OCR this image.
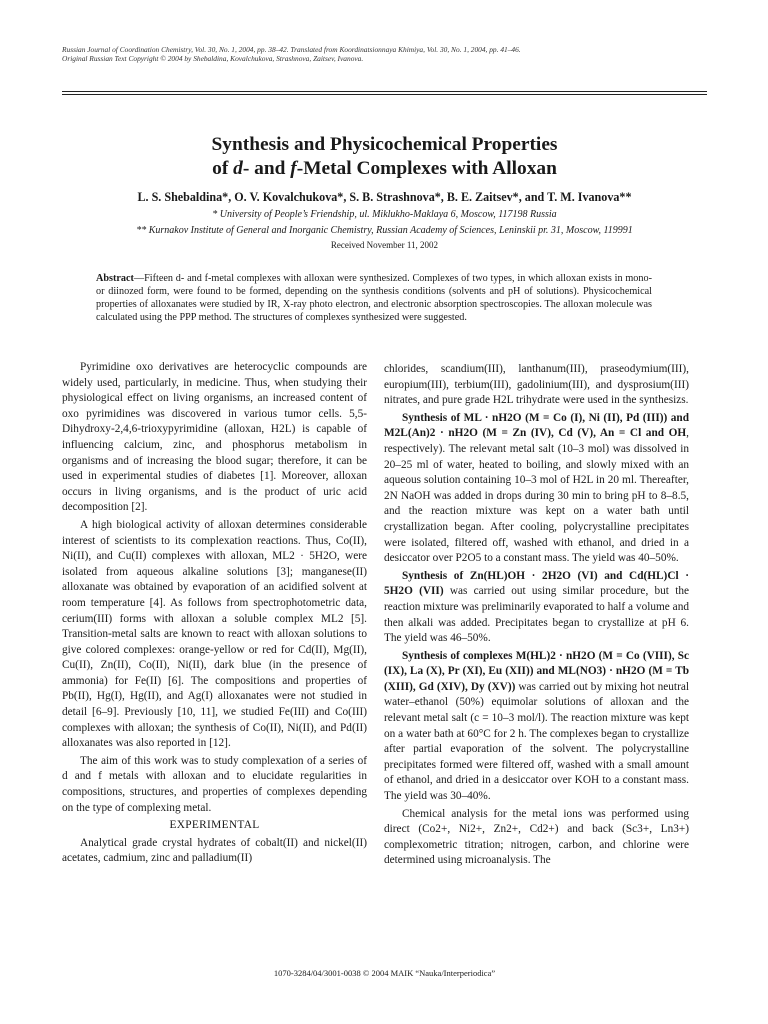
Russian Journal of Coordination Chemistry, Vol. 30, No. 1, 2004, pp. 38–42. Translated from Koordinatsionnaya Khimiya, Vol. 30, No. 1, 2004, pp. 41–46.
Original Russian Text Copyright © 2004 by Shebaldina, Kovalchukova, Strashnova, Zaitsev, Ivanova.
Synthesis and Physicochemical Properties
of d- and f-Metal Complexes with Alloxan
L. S. Shebaldina*, O. V. Kovalchukova*, S. B. Strashnova*, B. E. Zaitsev*, and T. M. Ivanova**
* University of People’s Friendship, ul. Miklukho-Maklaya 6, Moscow, 117198 Russia
** Kurnakov Institute of General and Inorganic Chemistry, Russian Academy of Sciences, Leninskii pr. 31, Moscow, 119991
Received November 11, 2002
Abstract—Fifteen d- and f-metal complexes with alloxan were synthesized. Complexes of two types, in which alloxan exists in mono- or diinozed form, were found to be formed, depending on the synthesis conditions (solvents and pH of solutions). Physicochemical properties of alloxanates were studied by IR, X-ray photo electron, and electronic absorption spectroscopies. The alloxan molecule was calculated using the PPP method. The structures of complexes synthesized were suggested.

Pyrimidine oxo derivatives are heterocyclic compounds are widely used, particularly, in medicine. Thus, when studying their physiological effect on living organisms, an increased content of oxo pyrimidines was discovered in various tumor cells. 5,5-Dihydroxy-2,4,6-trioxypyrimidine (alloxan, H2L) is capable of influencing calcium, zinc, and phosphorus metabolism in organisms and of increasing the blood sugar; therefore, it can be used in experimental studies of diabetes [1]. Moreover, alloxan occurs in living organisms, and is the product of uric acid decomposition [2].

A high biological activity of alloxan determines considerable interest of scientists to its complexation reactions. Thus, Co(II), Ni(II), and Cu(II) complexes with alloxan, ML2 · 5H2O, were isolated from aqueous alkaline solutions [3]; manganese(II) alloxanate was obtained by evaporation of an acidified solvent at room temperature [4]. As follows from spectrophotometric data, cerium(III) forms with alloxan a soluble complex ML2 [5]. Transition-metal salts are known to react with alloxan solutions to give colored complexes: orange-yellow or red for Cd(II), Mg(II), Cu(II), Zn(II), Co(II), Ni(II), dark blue (in the presence of ammonia) for Fe(II) [6]. The compositions and properties of Pb(II), Hg(I), Hg(II), and Ag(I) alloxanates were not studied in detail [6–9]. Previously [10, 11], we studied Fe(III) and Co(III) complexes with alloxan; the synthesis of Co(II), Ni(II), and Pd(II) alloxanates was also reported in [12].

The aim of this work was to study complexation of a series of d and f metals with alloxan and to elucidate regularities in compositions, structures, and properties of complexes depending on the type of complexing metal.

EXPERIMENTAL

Analytical grade crystal hydrates of cobalt(II) and nickel(II) acetates, cadmium, zinc and palladium(II)

chlorides, scandium(III), lanthanum(III), praseodymium(III), europium(III), terbium(III), gadolinium(III), and dysprosium(III) nitrates, and pure grade H2L trihydrate were used in the synthesizs.

Synthesis of ML · nH2O (M = Co (I), Ni (II), Pd (III)) and M2L(An)2 · nH2O (M = Zn (IV), Cd (V), An = Cl and OH, respectively). The relevant metal salt (10–3 mol) was dissolved in 20–25 ml of water, heated to boiling, and slowly mixed with an aqueous solution containing 10–3 mol of H2L in 20 ml. Thereafter, 2N NaOH was added in drops during 30 min to bring pH to 8–8.5, and the reaction mixture was kept on a water bath until crystallization began. After cooling, polycrystalline precipitates were isolated, filtered off, washed with ethanol, and dried in a desiccator over P2O5 to a constant mass. The yield was 40–50%.

Synthesis of Zn(HL)OH · 2H2O (VI) and Cd(HL)Cl · 5H2O (VII) was carried out using similar procedure, but the reaction mixture was preliminarily evaporated to half a volume and then alkali was added. Precipitates began to crystallize at pH 6. The yield was 46–50%.

Synthesis of complexes M(HL)2 · nH2O (M = Co (VIII), Sc (IX), La (X), Pr (XI), Eu (XII)) and ML(NO3) · nH2O (M = Tb (XIII), Gd (XIV), Dy (XV)) was carried out by mixing hot neutral water–ethanol (50%) equimolar solutions of alloxan and the relevant metal salt (c = 10–3 mol/l). The reaction mixture was kept on a water bath at 60°C for 2 h. The complexes began to crystallize after partial evaporation of the solvent. The polycrystalline precipitates formed were filtered off, washed with a small amount of ethanol, and dried in a desiccator over KOH to a constant mass. The yield was 30–40%.

Chemical analysis for the metal ions was performed using direct (Co2+, Ni2+, Zn2+, Cd2+) and back (Sc3+, Ln3+) complexometric titration; nitrogen, carbon, and chlorine were determined using microanalysis. The

1070-3284/04/3001-0038 © 2004 MAIK “Nauka/Interperiodica”
